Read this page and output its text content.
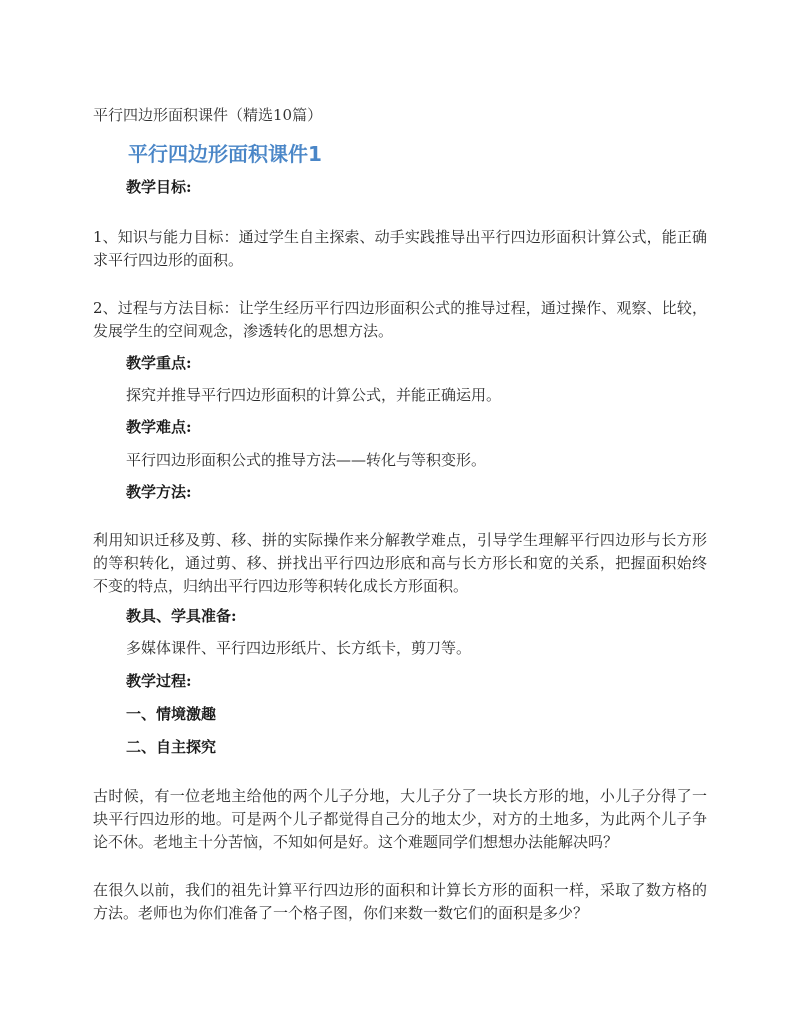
平行四边形面积课件（精选10篇）
平行四边形面积课件1
教学目标:
1、知识与能力目标：通过学生自主探索、动手实践推导出平行四边形面积计算公式，能正确求平行四边形的面积。
2、过程与方法目标：让学生经历平行四边形面积公式的推导过程，通过操作、观察、比较，发展学生的空间观念，渗透转化的思想方法。
教学重点:
探究并推导平行四边形面积的计算公式，并能正确运用。
教学难点:
平行四边形面积公式的推导方法——转化与等积变形。
教学方法:
利用知识迁移及剪、移、拼的实际操作来分解教学难点，引导学生理解平行四边形与长方形的等积转化，通过剪、移、拼找出平行四边形底和高与长方形长和宽的关系，把握面积始终不变的特点，归纳出平行四边形等积转化成长方形面积。
教具、学具准备:
多媒体课件、平行四边形纸片、长方纸卡，剪刀等。
教学过程:
一、情境激趣
二、自主探究
古时候，有一位老地主给他的两个儿子分地，大儿子分了一块长方形的地，小儿子分得了一块平行四边形的地。可是两个儿子都觉得自己分的地太少，对方的土地多，为此两个儿子争论不休。老地主十分苦恼，不知如何是好。这个难题同学们想想办法能解决吗？
在很久以前，我们的祖先计算平行四边形的面积和计算长方形的面积一样，采取了数方格的方法。老师也为你们准备了一个格子图，你们来数一数它们的面积是多少？
